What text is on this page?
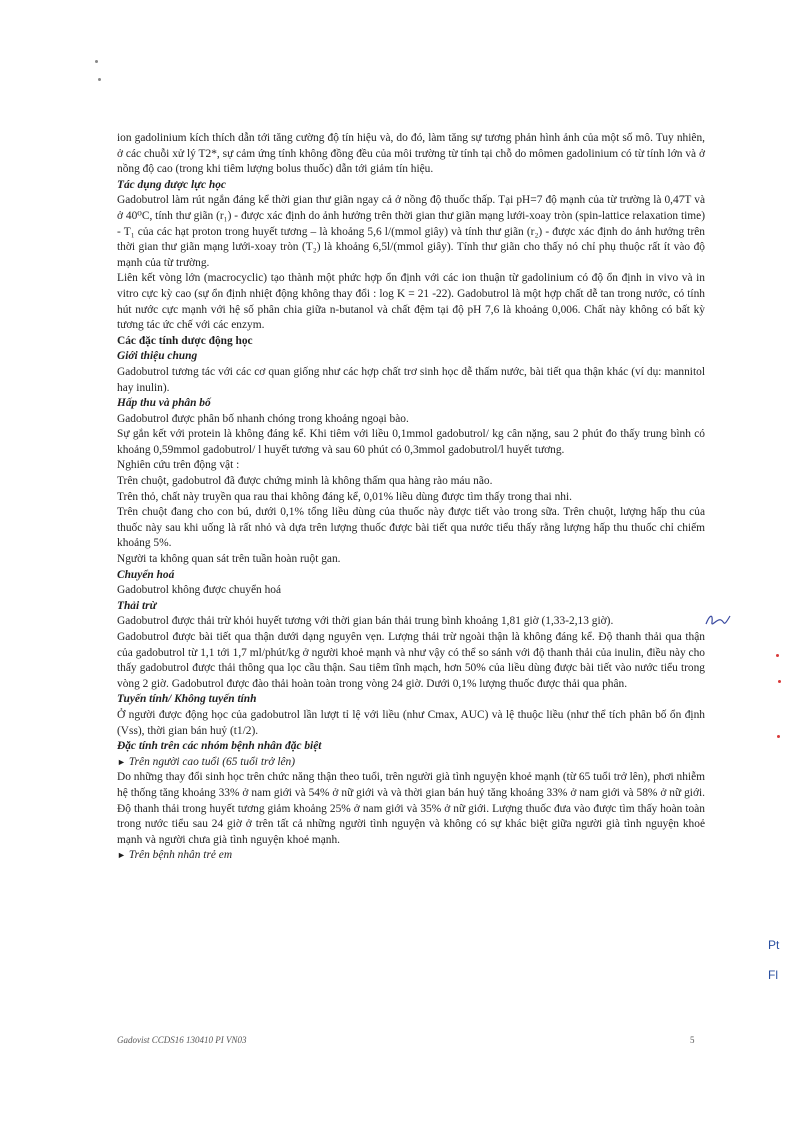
ion gadolinium kích thích dẫn tới tăng cường độ tín hiệu và, do đó, làm tăng sự tương phản hình ảnh của một số mô. Tuy nhiên, ở các chuỗi xử lý T2*, sự cảm ứng tính không đồng đều của môi trường từ tính tại chỗ do mômen gadolinium có từ tính lớn và ở nồng độ cao (trong khi tiêm lượng bolus thuốc) dẫn tới giảm tín hiệu.

Tác dụng dược lực học

Gadobutrol làm rút ngắn đáng kể thời gian thư giãn ngay cả ở nồng độ thuốc thấp. Tại pH=7 độ mạnh của từ trường là 0,47T và ở 40⁰C, tính thư giãn (r₁) - được xác định do ảnh hưởng trên thời gian thư giãn mạng lưới-xoay tròn (spin-lattice relaxation time) - T₁ của các hạt proton trong huyết tương – là khoảng 5,6 l/(mmol giây) và tính thư giãn (r₂) - được xác định do ảnh hưởng trên thời gian thư giãn mạng lưới-xoay tròn (T₂) là khoảng 6,5l/(mmol giây). Tính thư giãn cho thấy nó chỉ phụ thuộc rất ít vào độ mạnh của từ trường.

Liên kết vòng lớn (macrocyclic) tạo thành một phức hợp ổn định với các ion thuận từ gadolinium có độ ổn định in vivo và in vitro cực kỳ cao (sự ổn định nhiệt động không thay đổi : log K = 21 -22). Gadobutrol là một hợp chất dễ tan trong nước, có tính hút nước cực mạnh với hệ số phân chia giữa n-butanol và chất đệm tại độ pH 7,6 là khoảng 0,006. Chất này không có bất kỳ tương tác ức chế với các enzym.

Các đặc tính dược động học

Giới thiệu chung

Gadobutrol tương tác với các cơ quan giống như các hợp chất trơ sinh học dễ thấm nước, bài tiết qua thận khác (ví dụ: mannitol hay inulin).

Hấp thu và phân bố

Gadobutrol được phân bố nhanh chóng trong khoảng ngoại bào.

Sự gắn kết với protein là không đáng kể. Khi tiêm với liều 0,1mmol gadobutrol/ kg cân nặng, sau 2 phút đo thấy trung bình có khoảng 0,59mmol gadobutrol/ l huyết tương và sau 60 phút có 0,3mmol gadobutrol/l huyết tương.

Nghiên cứu trên động vật :

Trên chuột, gadobutrol đã được chứng minh là không thấm qua hàng rào máu não.

Trên thỏ, chất này truyền qua rau thai không đáng kể, 0,01% liều dùng được tìm thấy trong thai nhi.

Trên chuột đang cho con bú, dưới 0,1% tổng liều dùng của thuốc này được tiết vào trong sữa. Trên chuột, lượng hấp thu của thuốc này sau khi uống là rất nhỏ và dựa trên lượng thuốc được bài tiết qua nước tiểu thấy rằng lượng hấp thu thuốc chỉ chiếm khoảng 5%.

Người ta không quan sát trên tuần hoàn ruột gan.

Chuyển hoá

Gadobutrol không được chuyển hoá

Thải trừ

Gadobutrol được thải trừ khỏi huyết tương với thời gian bán thải trung bình khoảng 1,81 giờ (1,33-2,13 giờ).

Gadobutrol được bài tiết qua thận dưới dạng nguyên vẹn. Lượng thải trừ ngoài thận là không đáng kể. Độ thanh thải qua thận của gadobutrol từ 1,1 tới 1,7 ml/phút/kg ở người khoẻ mạnh và như vậy có thể so sánh với độ thanh thải của inulin, điều này cho thấy gadobutrol được thải thông qua lọc cầu thận. Sau tiêm tĩnh mạch, hơn 50% của liều dùng được bài tiết vào nước tiểu trong vòng 2 giờ. Gadobutrol được đào thải hoàn toàn trong vòng 24 giờ. Dưới 0,1% lượng thuốc được thải qua phân.

Tuyến tính/ Không tuyến tính

Ở người được động học của gadobutrol lần lượt tỉ lệ với liều (như Cmax, AUC) và lệ thuộc liều (như thể tích phân bố ổn định (Vss), thời gian bán huỷ (t1/2).

Đặc tính trên các nhóm bệnh nhân đặc biệt

► Trên người cao tuổi (65 tuổi trở lên)

Do những thay đổi sinh học trên chức năng thận theo tuổi, trên người già tình nguyện khoẻ mạnh (từ 65 tuổi trở lên), phơi nhiễm hệ thống tăng khoảng 33% ở nam giới và 54% ở nữ giới và và thời gian bán huỷ tăng khoảng 33% ở nam giới và 58% ở nữ giới. Độ thanh thải trong huyết tương giảm khoảng 25% ở nam giới và 35% ở nữ giới. Lượng thuốc đưa vào được tìm thấy hoàn toàn trong nước tiểu sau 24 giờ ở trên tất cả những người tình nguyện và không có sự khác biệt giữa người già tình nguyện khoẻ mạnh và người chưa già tình nguyện khoẻ mạnh.

► Trên bệnh nhân trẻ em

Gadovist CCDS16 130410 PI VN03	5
Pt
Fl
